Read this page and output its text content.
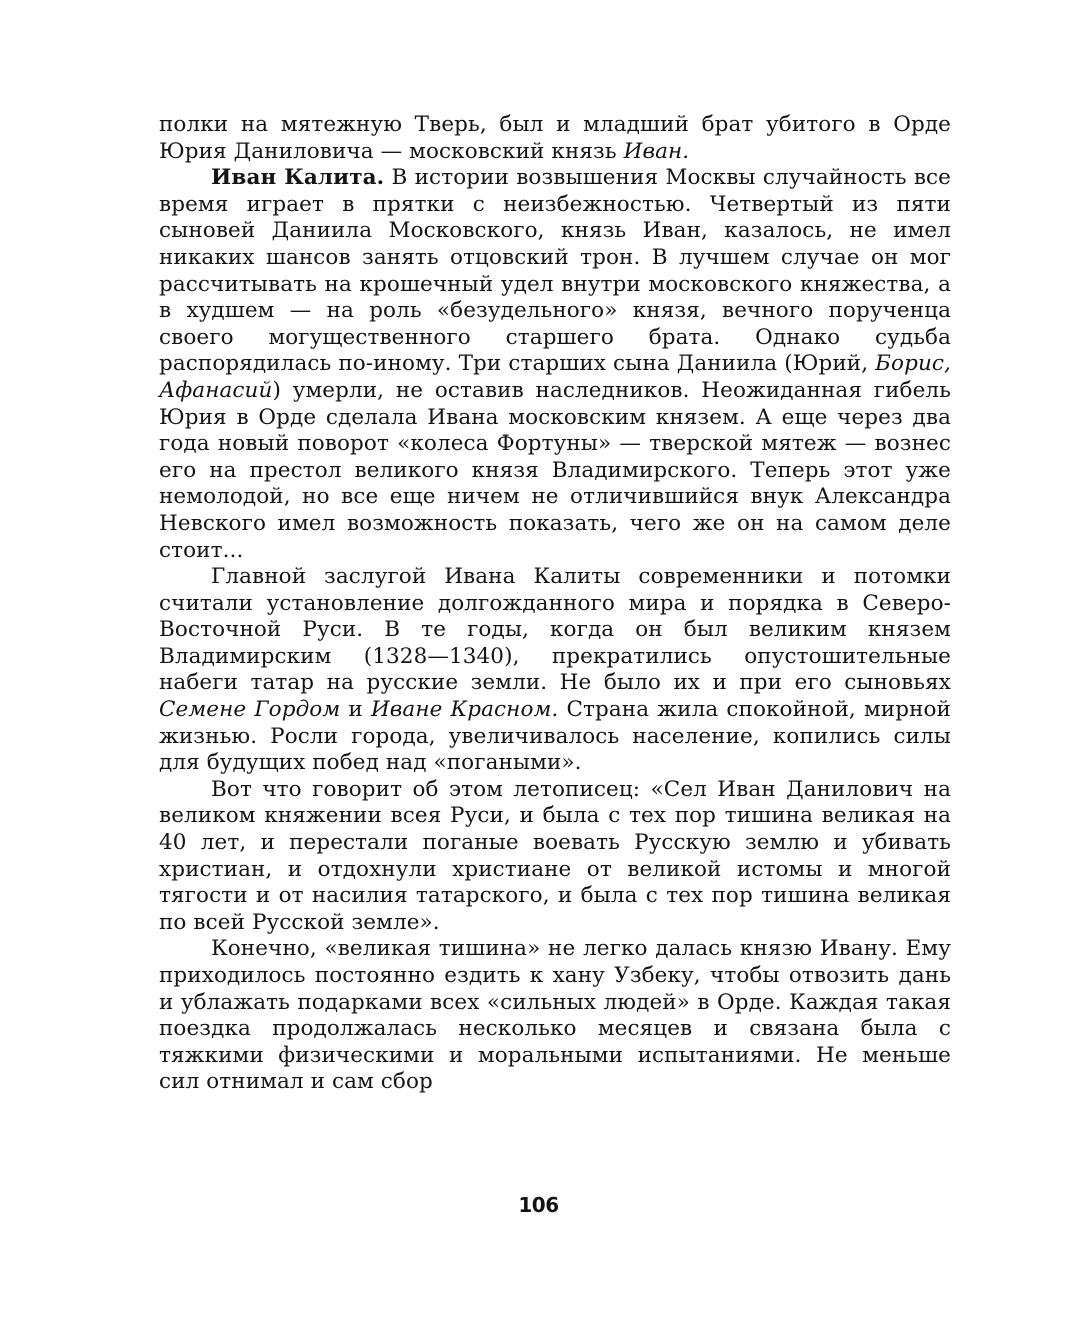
полки на мятежную Тверь, был и младший брат убитого в Орде Юрия Даниловича — московский князь Иван.

Иван Калита. В истории возвышения Москвы случайность все время играет в прятки с неизбежностью. Четвертый из пяти сыновей Даниила Московского, князь Иван, казалось, не имел никаких шансов занять отцовский трон. В лучшем случае он мог рассчитывать на крошечный удел внутри московского княжества, а в худшем — на роль «безудельного» князя, вечного порученца своего могущественного старшего брата. Однако судьба распорядилась по-иному. Три старших сына Даниила (Юрий, Борис, Афанасий) умерли, не оставив наследников. Неожиданная гибель Юрия в Орде сделала Ивана московским князем. А еще через два года новый поворот «колеса Фортуны» — тверской мятеж — вознес его на престол великого князя Владимирского. Теперь этот уже немолодой, но все еще ничем не отличившийся внук Александра Невского имел возможность показать, чего же он на самом деле стоит...

Главной заслугой Ивана Калиты современники и потомки считали установление долгожданного мира и порядка в Северо-Восточной Руси. В те годы, когда он был великим князем Владимирским (1328—1340), прекратились опустошительные набеги татар на русские земли. Не было их и при его сыновьях Семене Гордом и Иване Красном. Страна жила спокойной, мирной жизнью. Росли города, увеличивалось население, копились силы для будущих побед над «погаными».

Вот что говорит об этом летописец: «Сел Иван Данилович на великом княжении всея Руси, и была с тех пор тишина великая на 40 лет, и перестали поганые воевать Русскую землю и убивать христиан, и отдохнули христиане от великой истомы и многой тягости и от насилия татарского, и была с тех пор тишина великая по всей Русской земле».

Конечно, «великая тишина» не легко далась князю Ивану. Ему приходилось постоянно ездить к хану Узбеку, чтобы отвозить дань и ублажать подарками всех «сильных людей» в Орде. Каждая такая поездка продолжалась несколько месяцев и связана была с тяжкими физическими и моральными испытаниями. Не меньше сил отнимал и сам сбор

106
